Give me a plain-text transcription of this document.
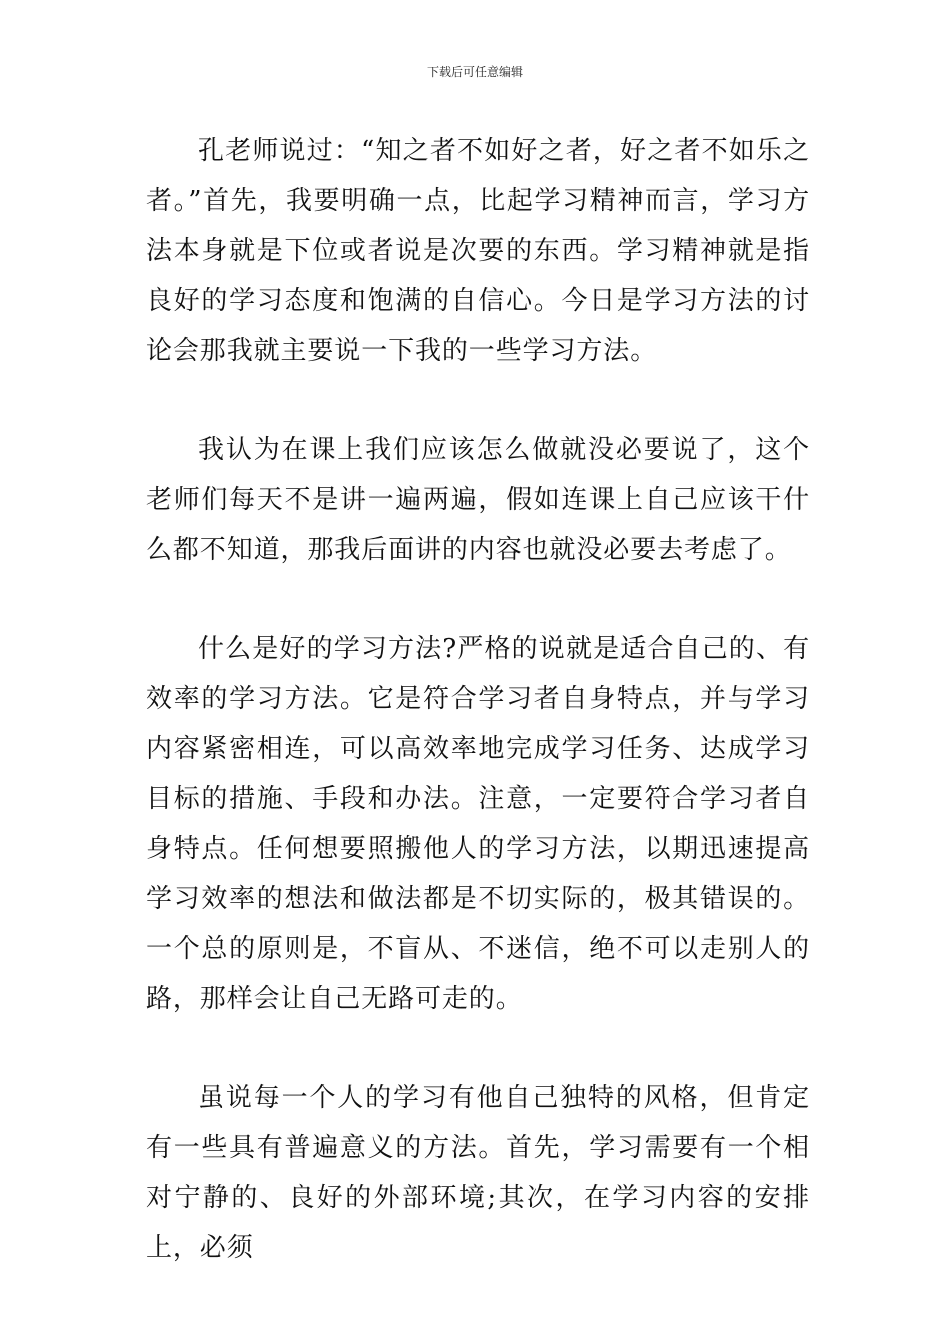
下载后可任意编辑

孔老师说过：“知之者不如好之者，好之者不如乐之者。”首先，我要明确一点，比起学习精神而言，学习方法本身就是下位或者说是次要的东西。学习精神就是指良好的学习态度和饱满的自信心。今日是学习方法的讨论会那我就主要说一下我的一些学习方法。

我认为在课上我们应该怎么做就没必要说了，这个老师们每天不是讲一遍两遍，假如连课上自己应该干什么都不知道，那我后面讲的内容也就没必要去考虑了。

什么是好的学习方法?严格的说就是适合自己的、有效率的学习方法。它是符合学习者自身特点，并与学习内容紧密相连，可以高效率地完成学习任务、达成学习目标的措施、手段和办法。注意，一定要符合学习者自身特点。任何想要照搬他人的学习方法，以期迅速提高学习效率的想法和做法都是不切实际的，极其错误的。一个总的原则是，不盲从、不迷信，绝不可以走别人的路，那样会让自己无路可走的。

虽说每一个人的学习有他自己独特的风格，但肯定有一些具有普遍意义的方法。首先，学习需要有一个相对宁静的、良好的外部环境;其次，在学习内容的安排上，必须
